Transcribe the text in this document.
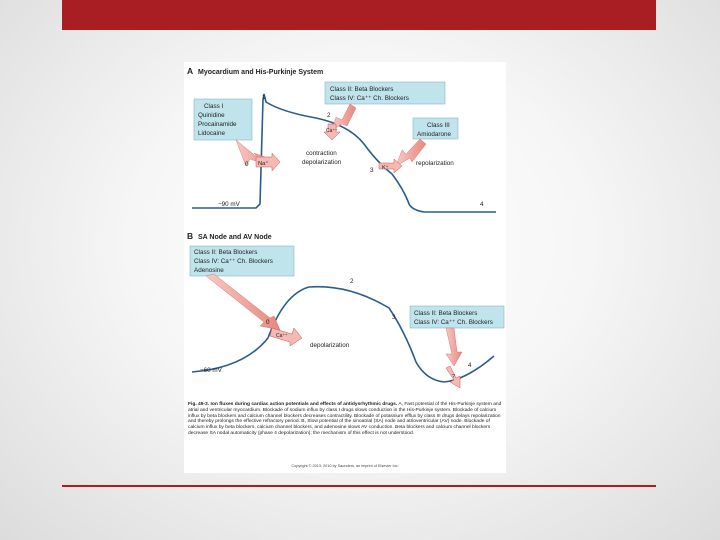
A Myocardium and His-Purkinje System
Class I Quinidine Procainamide Lidocaine
Na⁺
0
1
Class II: Beta Blockers Class IV: Ca⁺⁺ Ch. Blockers
2
Ca⁺⁺
contraction depolarization
Class III Amiodarone
K⁺
3
repolarization
4
−90 mV
B SA Node and AV Node
Class II: Beta Blockers Class IV: Ca⁺⁺ Ch. Blockers Adenosine
Ca⁺⁺
0
depolarization
2
3
Class II: Beta Blockers Class IV: Ca⁺⁺ Ch. Blockers
?
4
−60 mV
Fig. 49-2. Ion fluxes during cardiac action potentials and effects of antidysrhythmic drugs. A, Fast potential of the His-Purkinje system and atrial and ventricular myocardium. Blockade of sodium influx by class I drugs slows conduction in the His-Purkinje system. Blockade of calcium influx by beta blockers and calcium channel blockers decreases contractility. Blockade of potassium efflux by class III drugs delays repolarization and thereby prolongs the effective refractory period. B, Slow potential of the sinoatrial (SA) node and atrioventricular (AV) node. Blockade of calcium influx by beta blockers, calcium channel blockers, and adenosine slows AV conduction. Beta blockers and calcium channel blockers decrease SA nodal automaticity (phase 4 depolarization); the mechanism of this effect is not understood.
Copyright © 2013, 2010 by Saunders, an imprint of Elsevier Inc.
